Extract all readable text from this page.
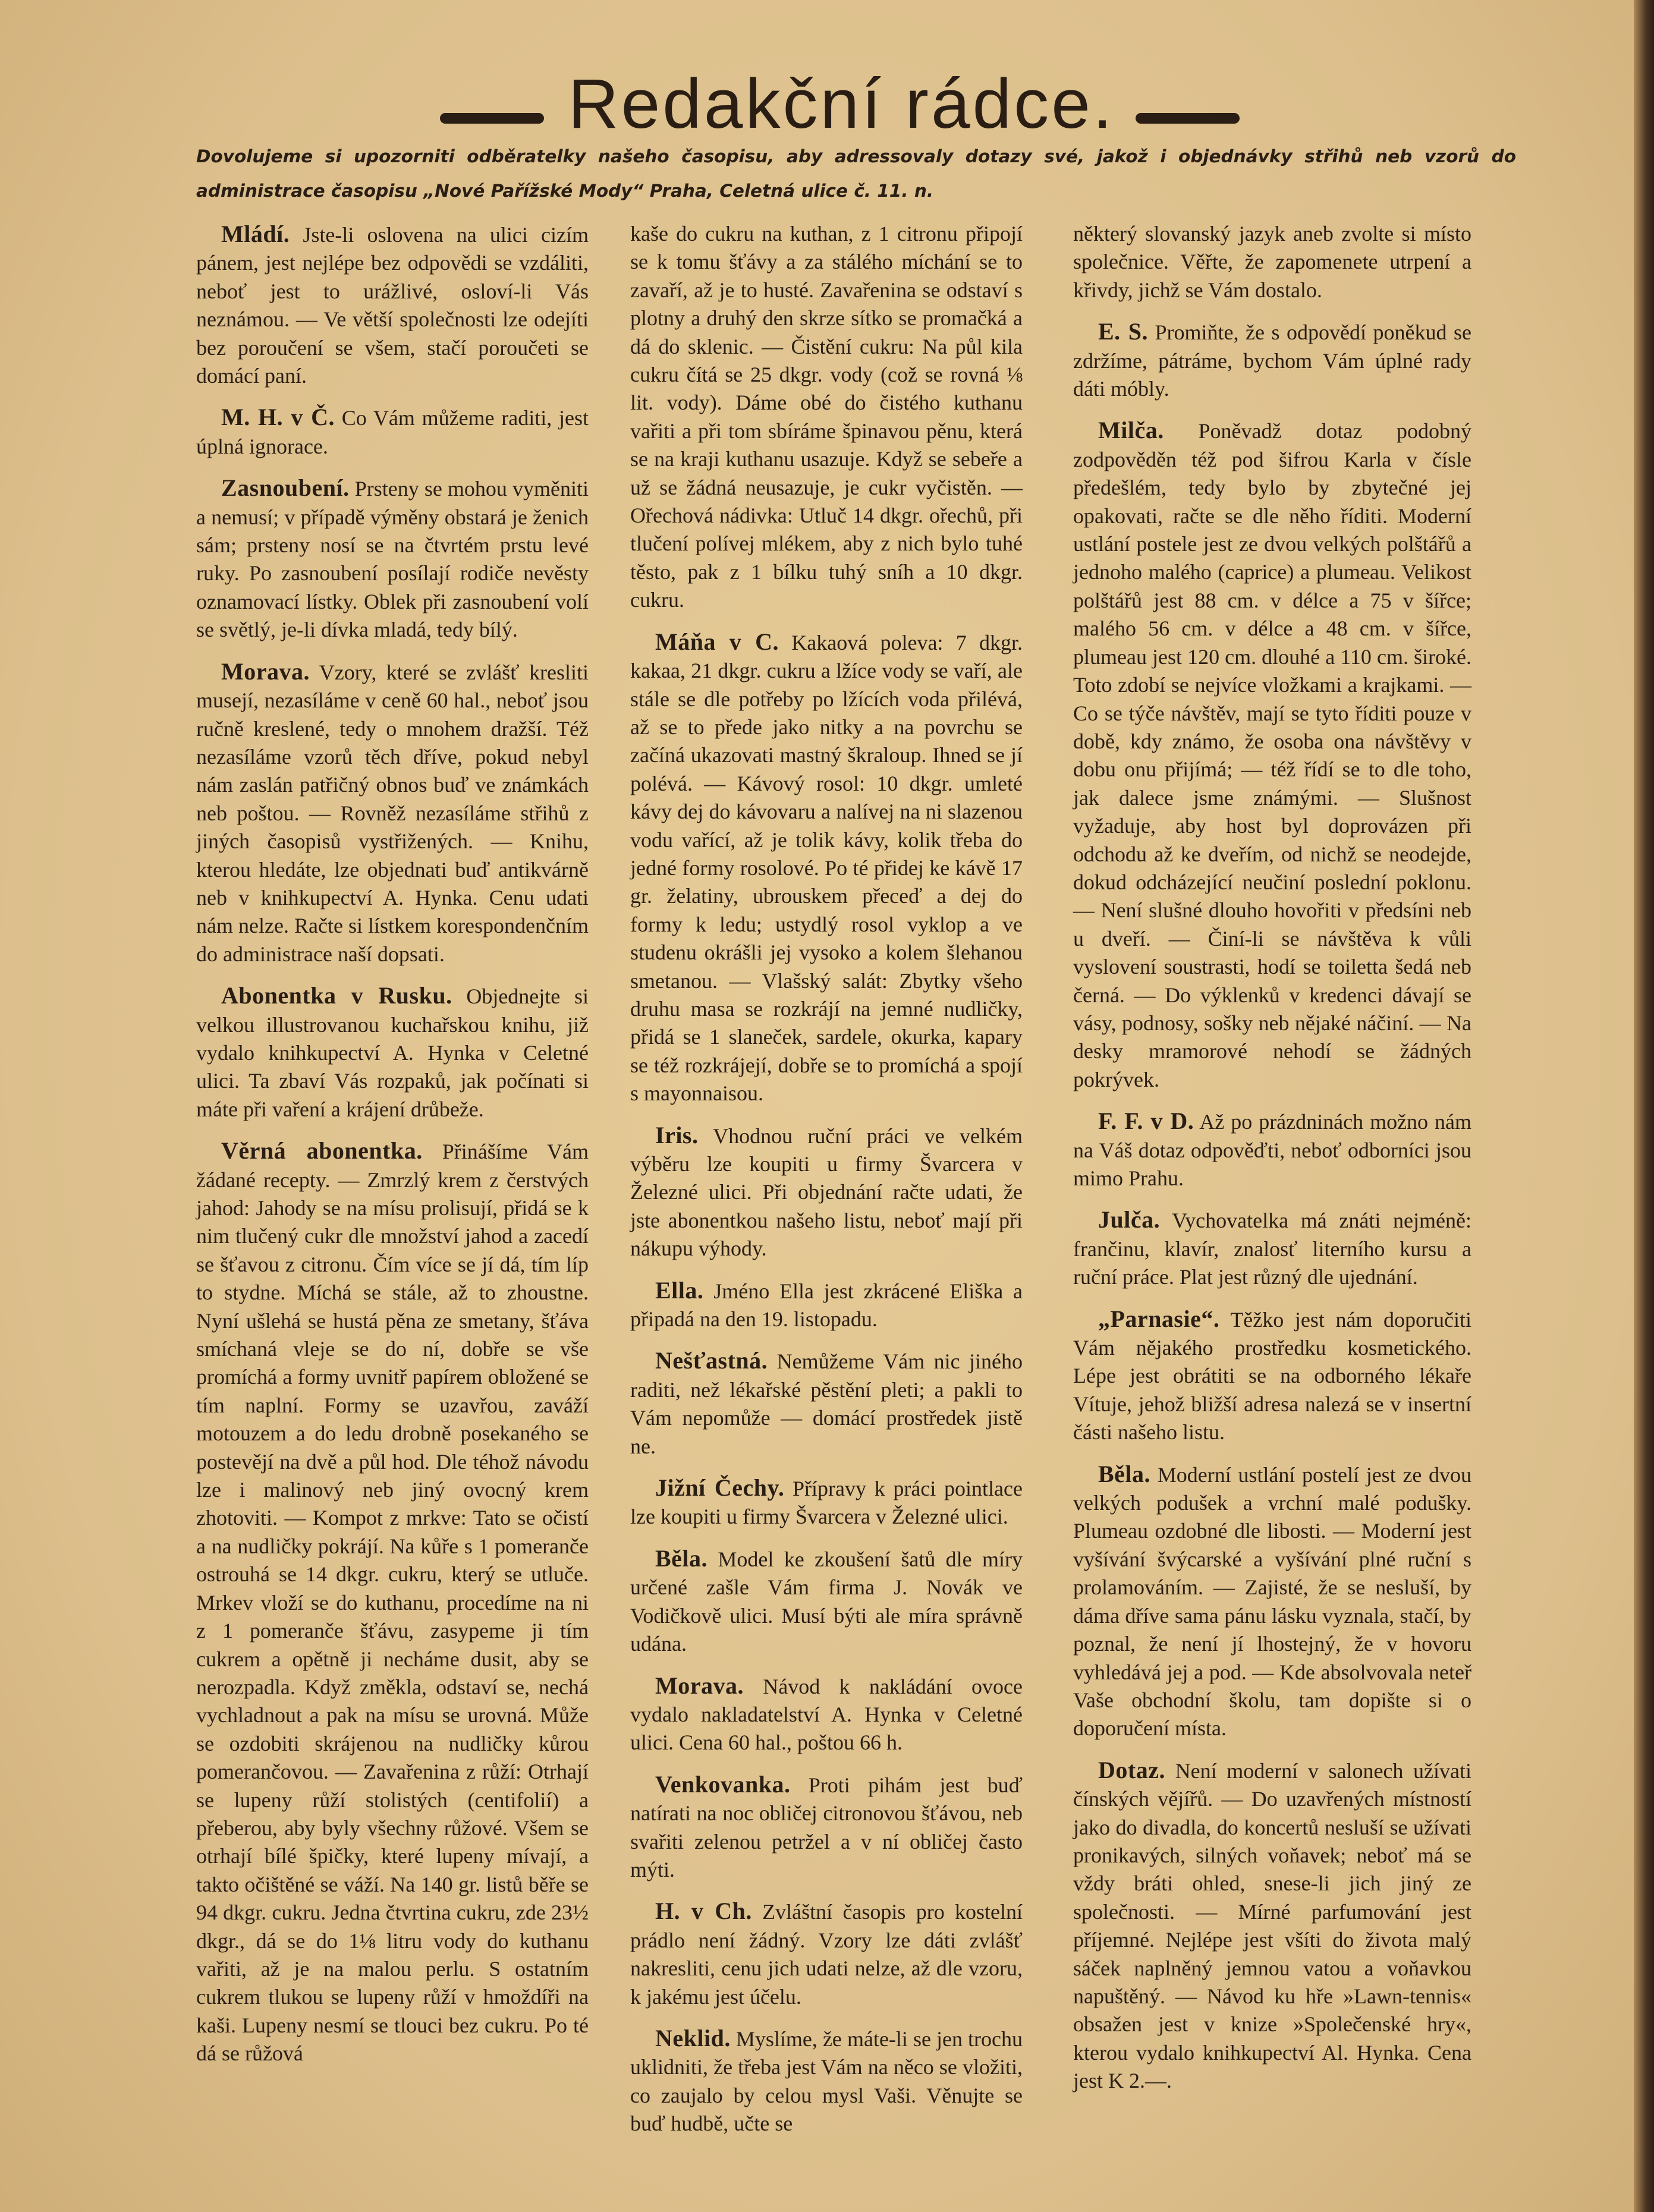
Redakční rádce.
Dovolujeme si upozorniti odběratelky našeho časopisu, aby adressovaly dotazy své, jakož i objednávky střihů neb vzorů do administrace časopisu „Nové Pařížské Mody“ Praha, Celetná ulice č. 11. n.

Mládí. Jste-li oslovena na ulici cizím pánem, jest nejlépe bez odpovědi se vzdáliti, neboť jest to urážlivé, osloví-li Vás neznámou. — Ve větší společnosti lze odejíti bez poroučení se všem, stačí poroučeti se domácí paní.

M. H. v Č. Co Vám můžeme raditi, jest úplná ignorace.

Zasnoubení. Prsteny se mohou vyměniti a nemusí; v případě výměny obstará je ženich sám; prsteny nosí se na čtvrtém prstu levé ruky. Po zasnoubení posílají rodiče nevěsty oznamovací lístky. Oblek při zasnoubení volí se světlý, je-li dívka mladá, tedy bílý.

Morava. Vzory, které se zvlášť kresliti musejí, nezasíláme v ceně 60 hal., neboť jsou ručně kreslené, tedy o mnohem dražší. Též nezasíláme vzorů těch dříve, pokud nebyl nám zaslán patřičný obnos buď ve známkách neb poštou. — Rovněž nezasíláme střihů z jiných časopisů vystřižených. — Knihu, kterou hledáte, lze objednati buď antikvárně neb v knihkupectví A. Hynka. Cenu udati nám nelze. Račte si lístkem korespondenčním do administrace naší dopsati.

Abonentka v Rusku. Objednejte si velkou illustrovanou kuchařskou knihu, již vydalo knihkupectví A. Hynka v Celetné ulici. Ta zbaví Vás rozpaků, jak počínati si máte při vaření a krájení drůbeže.

Věrná abonentka. Přinášíme Vám žádané recepty. — Zmrzlý krem z čerstvých jahod: Jahody se na mísu prolisují, přidá se k nim tlučený cukr dle množství jahod a zacedí se šťavou z citronu. Čím více se jí dá, tím líp to stydne. Míchá se stále, až to zhoustne. Nyní ušlehá se hustá pěna ze smetany, šťáva smíchaná vleje se do ní, dobře se vše promíchá a formy uvnitř papírem obložené se tím naplní. Formy se uzavřou, zaváží motouzem a do ledu drobně posekaného se postevějí na dvě a půl hod. Dle téhož návodu lze i malinový neb jiný ovocný krem zhotoviti. — Kompot z mrkve: Tato se očistí a na nudličky pokrájí. Na kůře s 1 pomeranče ostrouhá se 14 dkgr. cukru, který se utluče. Mrkev vloží se do kuthanu, procedíme na ni z 1 pomeranče šťávu, zasypeme ji tím cukrem a opětně ji necháme dusit, aby se nerozpadla. Když změkla, odstaví se, nechá vychladnout a pak na mísu se urovná. Může se ozdobiti skrájenou na nudličky kůrou pomerančovou. — Zavařenina z růží: Otrhají se lupeny růží stolistých (centifolií) a přeberou, aby byly všechny růžové. Všem se otrhají bílé špičky, které lupeny mívají, a takto očištěné se váží. Na 140 gr. listů běře se 94 dkgr. cukru. Jedna čtvrtina cukru, zde 23½ dkgr., dá se do 1⅛ litru vody do kuthanu vařiti, až je na malou perlu. S ostatním cukrem tlukou se lupeny růží v hmoždíři na kaši. Lupeny nesmí se tlouci bez cukru. Po té dá se růžová

kaše do cukru na kuthan, z 1 citronu připojí se k tomu šťávy a za stálého míchání se to zavaří, až je to husté. Zavařenina se odstaví s plotny a druhý den skrze sítko se promačká a dá do sklenic. — Čistění cukru: Na půl kila cukru čítá se 25 dkgr. vody (což se rovná ⅛ lit. vody). Dáme obé do čistého kuthanu vařiti a při tom sbíráme špinavou pěnu, která se na kraji kuthanu usazuje. Když se sebeře a už se žádná neusazuje, je cukr vyčistěn. — Ořechová nádivka: Utluč 14 dkgr. ořechů, při tlučení polívej mlékem, aby z nich bylo tuhé těsto, pak z 1 bílku tuhý sníh a 10 dkgr. cukru.

Máňa v C. Kakaová poleva: 7 dkgr. kakaa, 21 dkgr. cukru a lžíce vody se vaří, ale stále se dle potřeby po lžících voda přilévá, až se to přede jako nitky a na povrchu se začíná ukazovati mastný škraloup. Ihned se jí polévá. — Kávový rosol: 10 dkgr. umleté kávy dej do kávovaru a nalívej na ni slazenou vodu vařící, až je tolik kávy, kolik třeba do jedné formy rosolové. Po té přidej ke kávě 17 gr. želatiny, ubrouskem přeceď a dej do formy k ledu; ustydlý rosol vyklop a ve studenu okrášli jej vysoko a kolem šlehanou smetanou. — Vlašský salát: Zbytky všeho druhu masa se rozkrájí na jemné nudličky, přidá se 1 slaneček, sardele, okurka, kapary se též rozkrájejí, dobře se to promíchá a spojí s mayonnaisou.

Iris. Vhodnou ruční práci ve velkém výběru lze koupiti u firmy Švarcera v Železné ulici. Při objednání račte udati, že jste abonentkou našeho listu, neboť mají při nákupu výhody.

Ella. Jméno Ella jest zkrácené Eliška a připadá na den 19. listopadu.

Nešťastná. Nemůžeme Vám nic jiného raditi, než lékařské pěstění pleti; a pakli to Vám nepomůže — domácí prostředek jistě ne.

Jižní Čechy. Přípravy k práci pointlace lze koupiti u firmy Švarcera v Železné ulici.

Běla. Model ke zkoušení šatů dle míry určené zašle Vám firma J. Novák ve Vodičkově ulici. Musí býti ale míra správně udána.

Morava. Návod k nakládání ovoce vydalo nakladatelství A. Hynka v Celetné ulici. Cena 60 hal., poštou 66 h.

Venkovanka. Proti pihám jest buď natírati na noc obličej citronovou šťávou, neb svařiti zelenou petržel a v ní obličej často mýti.

H. v Ch. Zvláštní časopis pro kostelní prádlo není žádný. Vzory lze dáti zvlášť nakresliti, cenu jich udati nelze, až dle vzoru, k jakému jest účelu.

Neklid. Myslíme, že máte-li se jen trochu uklidniti, že třeba jest Vám na něco se vložiti, co zaujalo by celou mysl Vaši. Věnujte se buď hudbě, učte se

některý slovanský jazyk aneb zvolte si místo společnice. Věřte, že zapomenete utrpení a křivdy, jichž se Vám dostalo.

E. S. Promiňte, že s odpovědí poněkud se zdržíme, pátráme, bychom Vám úplné rady dáti móbly.

Milča. Poněvadž dotaz podobný zodpověděn též pod šifrou Karla v čísle předešlém, tedy bylo by zbytečné jej opakovati, račte se dle něho říditi. Moderní ustlání postele jest ze dvou velkých polštářů a jednoho malého (caprice) a plumeau. Velikost polštářů jest 88 cm. v délce a 75 v šířce; malého 56 cm. v délce a 48 cm. v šířce, plumeau jest 120 cm. dlouhé a 110 cm. široké. Toto zdobí se nejvíce vložkami a krajkami. — Co se týče návštěv, mají se tyto říditi pouze v době, kdy známo, že osoba ona návštěvy v dobu onu přijímá; — též řídí se to dle toho, jak dalece jsme známými. — Slušnost vyžaduje, aby host byl doprovázen při odchodu až ke dveřím, od nichž se neodejde, dokud odcházející neučiní poslední poklonu. — Není slušné dlouho hovořiti v předsíni neb u dveří. — Činí-li se návštěva k vůli vyslovení soustrasti, hodí se toiletta šedá neb černá. — Do výklenků v kredenci dávají se vásy, podnosy, sošky neb nějaké náčiní. — Na desky mramorové nehodí se žádných pokrývek.

F. F. v D. Až po prázdninách možno nám na Váš dotaz odpověďti, neboť odborníci jsou mimo Prahu.

Julča. Vychovatelka má znáti nejméně: frančinu, klavír, znalosť literního kursu a ruční práce. Plat jest různý dle ujednání.

„Parnasie“. Těžko jest nám doporučiti Vám nějakého prostředku kosmetického. Lépe jest obrátiti se na odborného lékaře Vítuje, jehož bližší adresa nalezá se v insertní části našeho listu.

Běla. Moderní ustlání postelí jest ze dvou velkých podušek a vrchní malé podušky. Plumeau ozdobné dle libosti. — Moderní jest vyšívání švýcarské a vyšívání plné ruční s prolamováním. — Zajisté, že se nesluší, by dáma dříve sama pánu lásku vyznala, stačí, by poznal, že není jí lhostejný, že v hovoru vyhledává jej a pod. — Kde absolvovala neteř Vaše obchodní školu, tam dopište si o doporučení místa.

Dotaz. Není moderní v salonech užívati čínských vějířů. — Do uzavřených místností jako do divadla, do koncertů nesluší se užívati pronikavých, silných voňavek; neboť má se vždy bráti ohled, snese-li jich jiný ze společnosti. — Mírné parfumování jest příjemné. Nejlépe jest všíti do života malý sáček naplněný jemnou vatou a voňavkou napuštěný. — Návod ku hře »Lawn-tennis« obsažen jest v knize »Společenské hry«, kterou vydalo knihkupectví Al. Hynka. Cena jest K 2.—.
